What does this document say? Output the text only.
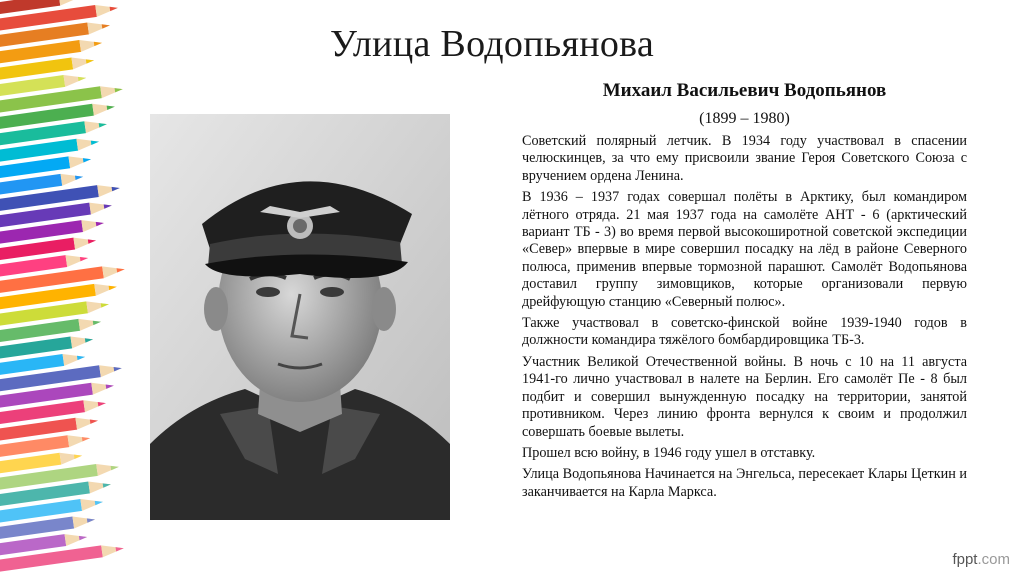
Улица Водопьянова
Михаил Васильевич Водопьянов
(1899 – 1980)

Советский полярный летчик. В 1934 году участвовал в спасении челюскинцев, за что ему присвоили звание Героя Советского Союза с вручением ордена Ленина.

В 1936 – 1937 годах совершал полёты в Арктику, был командиром лётного отряда. 21 мая 1937 года на самолёте АНТ - 6 (арктический вариант ТБ - 3) во время первой высокоширотной советской экспедиции «Север» впервые в мире совершил посадку на лёд в районе Северного полюса, применив впервые тормозной парашют. Самолёт Водопьянова доставил группу зимовщиков, которые организовали первую дрейфующую станцию «Северный полюс».

Также участвовал в советско-финской войне 1939-1940 годов в должности командира тяжёлого бомбардировщика ТБ-3.

Участник Великой Отечественной войны. В ночь с 10 на 11 августа 1941-го лично участвовал в налете на Берлин. Его самолёт Пе - 8 был подбит и совершил вынужденную посадку на территории, занятой противником. Через линию фронта вернулся к своим и продолжил совершать боевые вылеты.

Прошел всю войну, в 1946 году ушел в отставку.

Улица Водопьянова Начинается на Энгельса, пересекает Клары Цеткин и заканчивается на Карла Маркса.

fppt.com
